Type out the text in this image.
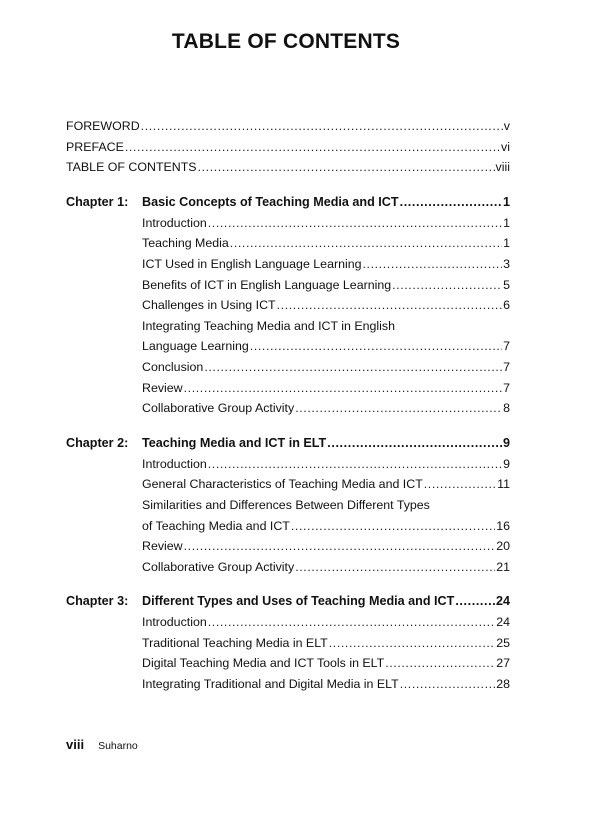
TABLE OF CONTENTS
FOREWORD .....	v
PREFACE .....	vi
TABLE OF CONTENTS .....	viii
Chapter 1:	Basic Concepts of Teaching Media and ICT .....	1
Introduction .....	1
Teaching Media .....	1
ICT Used in English Language Learning .....	3
Benefits of ICT in English Language Learning .....	5
Challenges in Using ICT .....	6
Integrating Teaching Media and ICT in English
Language Learning .....	7
Conclusion .....	7
Review .....	7
Collaborative Group Activity .....	8
Chapter 2:	Teaching Media and ICT in ELT .....	9
Introduction .....	9
General Characteristics of Teaching Media and ICT .....	11
Similarities and Differences Between Different Types
of Teaching Media and ICT .....	16
Review .....	20
Collaborative Group Activity .....	21
Chapter 3:	Different Types and Uses of Teaching Media and ICT .....	24
Introduction .....	24
Traditional Teaching Media in ELT .....	25
Digital Teaching Media and ICT Tools in ELT .....	27
Integrating Traditional and Digital Media in ELT .....	28
viii Suharno
